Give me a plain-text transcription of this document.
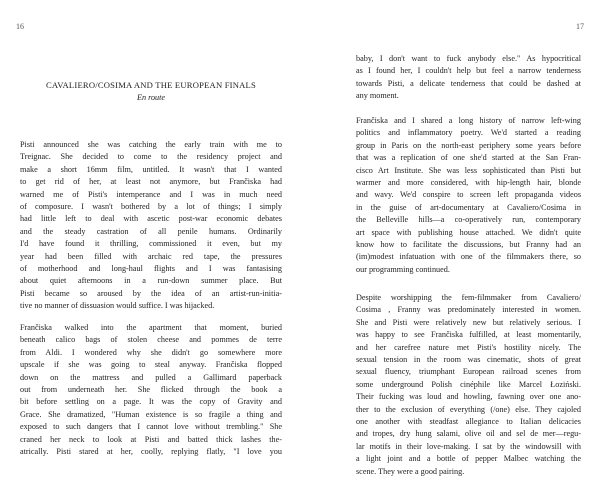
16
CAVALIERO/COSIMA AND THE EUROPEAN FINALS
En route
Pisti announced she was catching the early train with me to
Treignac. She decided to come to the residency project and
make a short 16mm film, untitled. It wasn't that I wanted
to get rid of her, at least not anymore, but Frančiska had
warned me of Pisti's intemperance and I was in much need
of composure. I wasn't bothered by a lot of things; I simply
had little left to deal with ascetic post-war economic debates
and the steady castration of all penile humans. Ordinarily
I'd have found it thrilling, commissioned it even, but my
year had been filled with archaic red tape, the pressures
of motherhood and long-haul flights and I was fantasising
about quiet afternoons in a run-down summer place. But
Pisti became so aroused by the idea of an artist-run-initia-
tive no manner of dissuasion would suffice. I was hijacked.
Frančiska walked into the apartment that moment, buried
beneath calico bags of stolen cheese and pommes de terre
from Aldi. I wondered why she didn't go somewhere more
upscale if she was going to steal anyway. Frančiska flopped
down on the mattress and pulled a Gallimard paperback
out from underneath her. She flicked through the book a
bit before settling on a page. It was the copy of Gravity and
Grace. She dramatized, "Human existence is so fragile a thing and
exposed to such dangers that I cannot love without trembling." She
craned her neck to look at Pisti and batted thick lashes the-
atrically. Pisti stared at her, coolly, replying flatly, "I love you
17
baby, I don't want to fuck anybody else." As hypocritical
as I found her, I couldn't help but feel a narrow tenderness
towards Pisti, a delicate tenderness that could be dashed at
any moment.
Frančiska and I shared a long history of narrow left-wing
politics and inflammatory poetry. We'd started a reading
group in Paris on the north-east periphery some years before
that was a replication of one she'd started at the San Fran-
cisco Art Institute. She was less sophisticated than Pisti but
warmer and more considered, with hip-length hair, blonde
and wavy. We'd conspire to screen left propaganda videos
in the guise of art-documentary at Cavaliero/Cosima in
the Belleville hills—a co-operatively run, contemporary
art space with publishing house attached. We didn't quite
know how to facilitate the discussions, but Franny had an
(im)modest infatuation with one of the filmmakers there, so
our programming continued.
Despite worshipping the fem-filmmaker from Cavaliero/
Cosima , Franny was predominately interested in women.
She and Pisti were relatively new but relatively serious. I
was happy to see Frančiska fulfilled, at least momentarily,
and her carefree nature met Pisti's hostility nicely. The
sexual tension in the room was cinematic, shots of great
sexual fluency, triumphant European railroad scenes from
some underground Polish cinéphile like Marcel Łoziński.
Their fucking was loud and howling, fawning over one ano-
ther to the exclusion of everything (/one) else. They cajoled
one another with steadfast allegiance to Italian delicacies
and tropes, dry hung salami, olive oil and sel de mer—regu-
lar motifs in their love-making. I sat by the windowsill with
a light joint and a bottle of pepper Malbec watching the
scene. They were a good pairing.
